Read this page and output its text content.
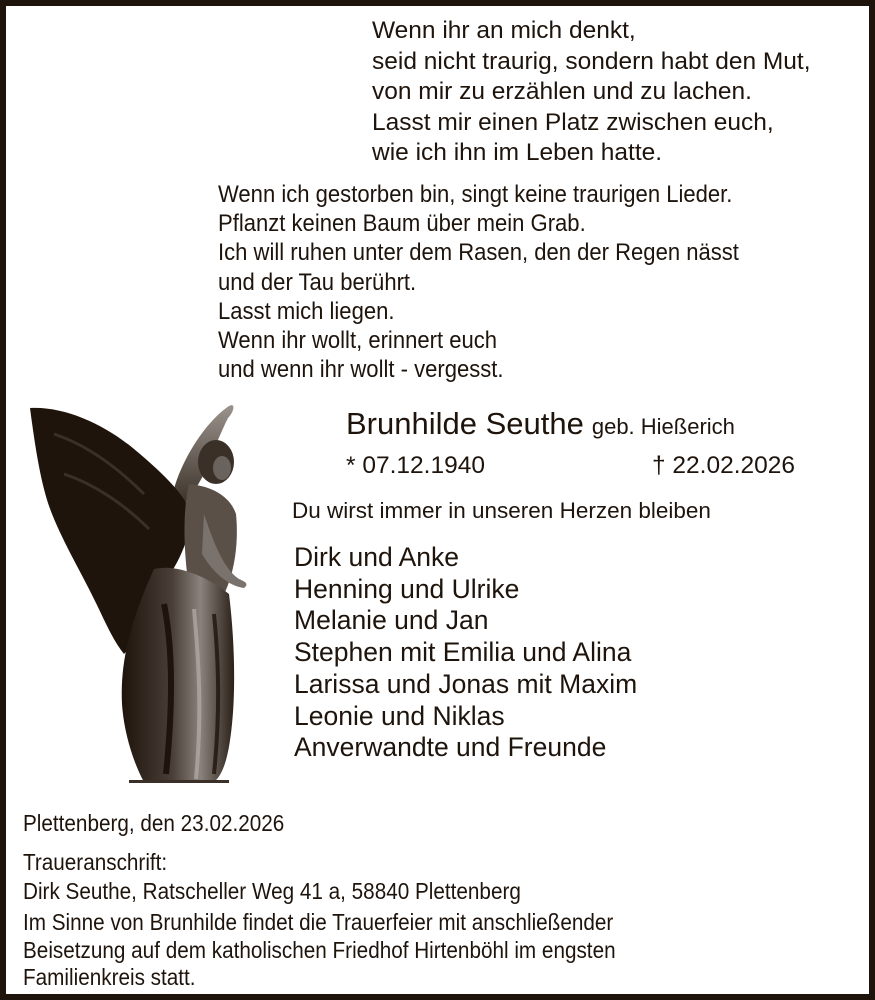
Wenn ihr an mich denkt,
seid nicht traurig, sondern habt den Mut,
von mir zu erzählen und zu lachen.
Lasst mir einen Platz zwischen euch,
wie ich ihn im Leben hatte.
Wenn ich gestorben bin, singt keine traurigen Lieder.
Pflanzt keinen Baum über mein Grab.
Ich will ruhen unter dem Rasen, den der Regen nässt
und der Tau berührt.
Lasst mich liegen.
Wenn ihr wollt, erinnert euch
und wenn ihr wollt - vergesst.
Brunhilde Seuthe geb. Hießerich
* 07.12.1940	† 22.02.2026
Du wirst immer in unseren Herzen bleiben
Dirk und Anke
Henning und Ulrike
Melanie und Jan
Stephen mit Emilia und Alina
Larissa und Jonas mit Maxim
Leonie und Niklas
Anverwandte und Freunde
Plettenberg, den 23.02.2026
Traueranschrift:
Dirk Seuthe, Ratscheller Weg 41 a, 58840 Plettenberg
Im Sinne von Brunhilde findet die Trauerfeier mit anschließender
Beisetzung auf dem katholischen Friedhof Hirtenböhl im engsten
Familienkreis statt.
